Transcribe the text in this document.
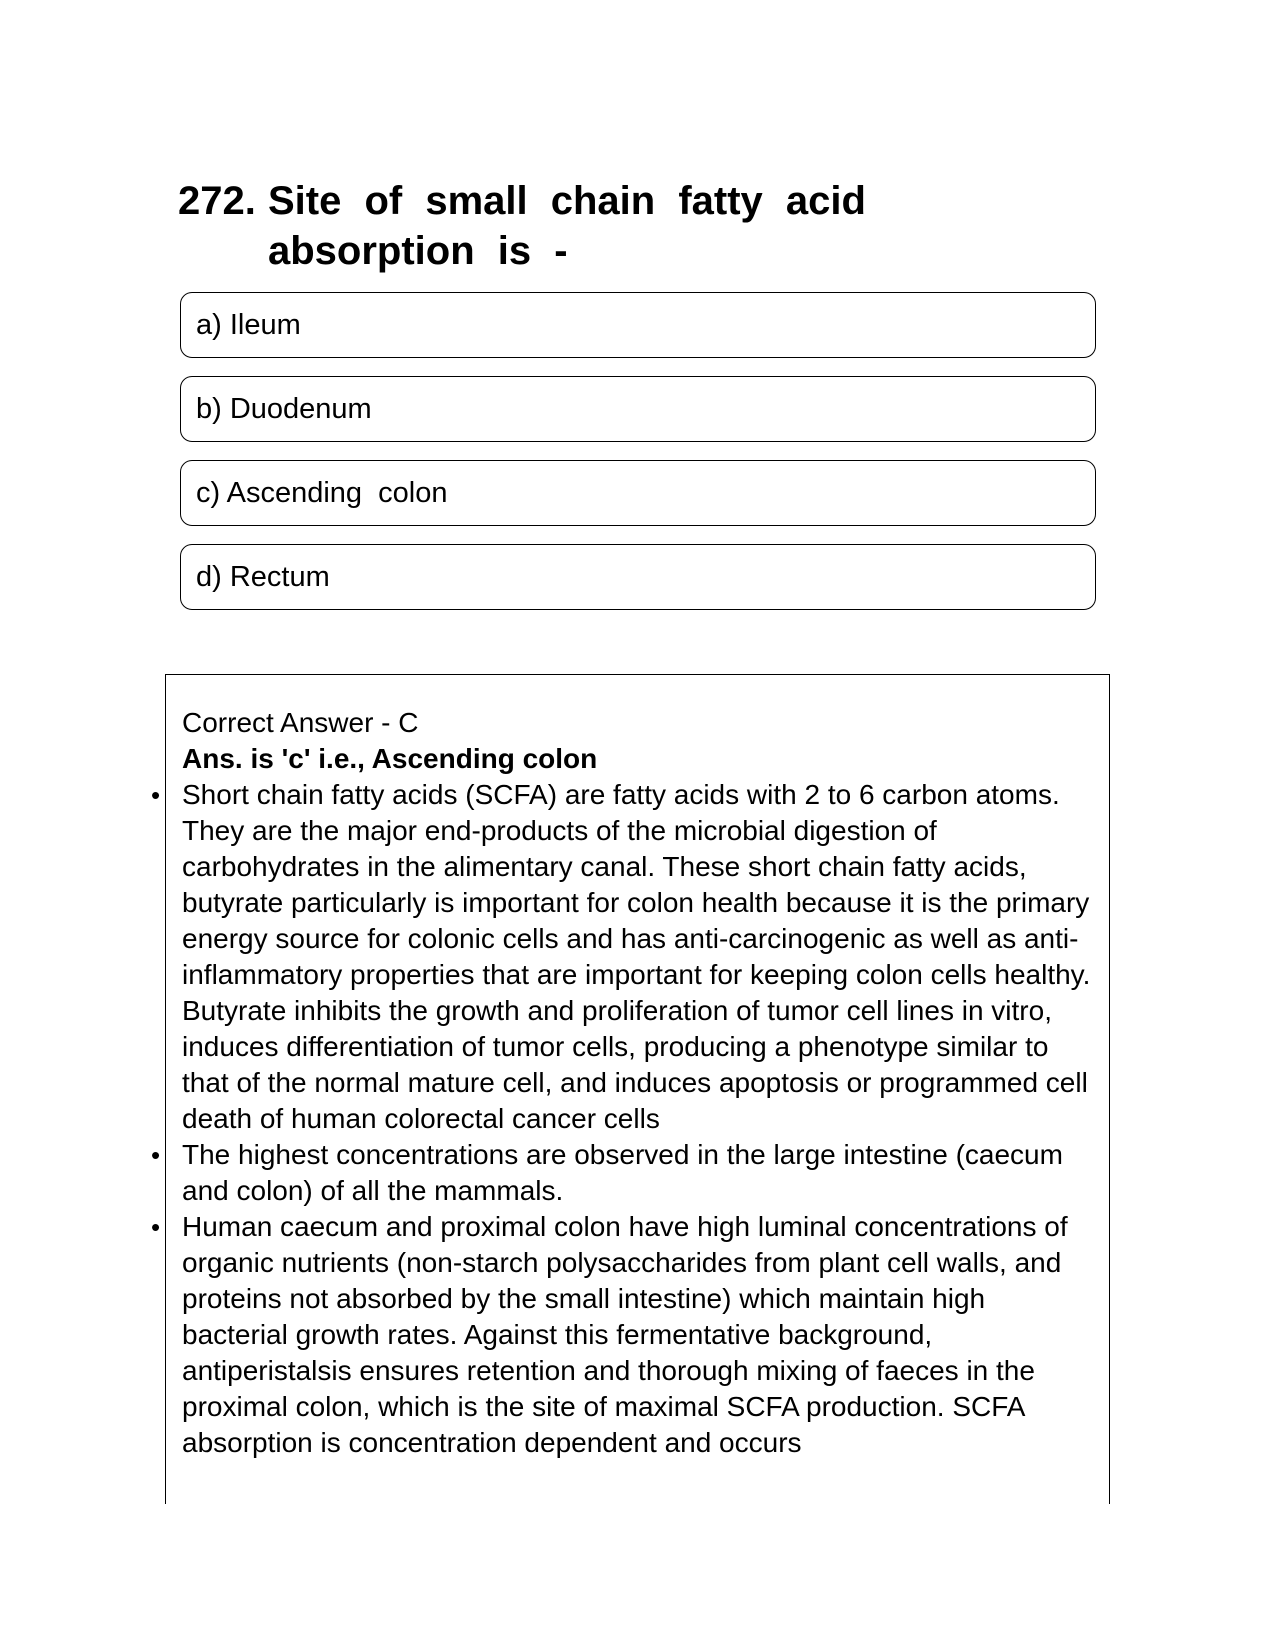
272. Site of small chain fatty acid absorption is -
a) Ileum
b) Duodenum
c) Ascending  colon
d) Rectum
Correct Answer - C
Ans. is 'c' i.e., Ascending colon
• Short chain fatty acids (SCFA) are fatty acids with 2 to 6 carbon atoms. They are the major end-products of the microbial digestion of carbohydrates in the alimentary canal. These short chain fatty acids, butyrate particularly is important for colon health because it is the primary energy source for colonic cells and has anti-carcinogenic as well as anti-inflammatory properties that are important for keeping colon cells healthy. Butyrate inhibits the growth and proliferation of tumor cell lines in vitro, induces differentiation of tumor cells, producing a phenotype similar to that of the normal mature cell, and induces apoptosis or programmed cell death of human colorectal cancer cells
• The highest concentrations are observed in the large intestine (caecum and colon) of all the mammals.
• Human caecum and proximal colon have high luminal concentrations of organic nutrients (non-starch polysaccharides from plant cell walls, and proteins not absorbed by the small intestine) which maintain high bacterial growth rates. Against this fermentative background, antiperistalsis ensures retention and thorough mixing of faeces in the proximal colon, which is the site of maximal SCFA production. SCFA absorption is concentration dependent and occurs
